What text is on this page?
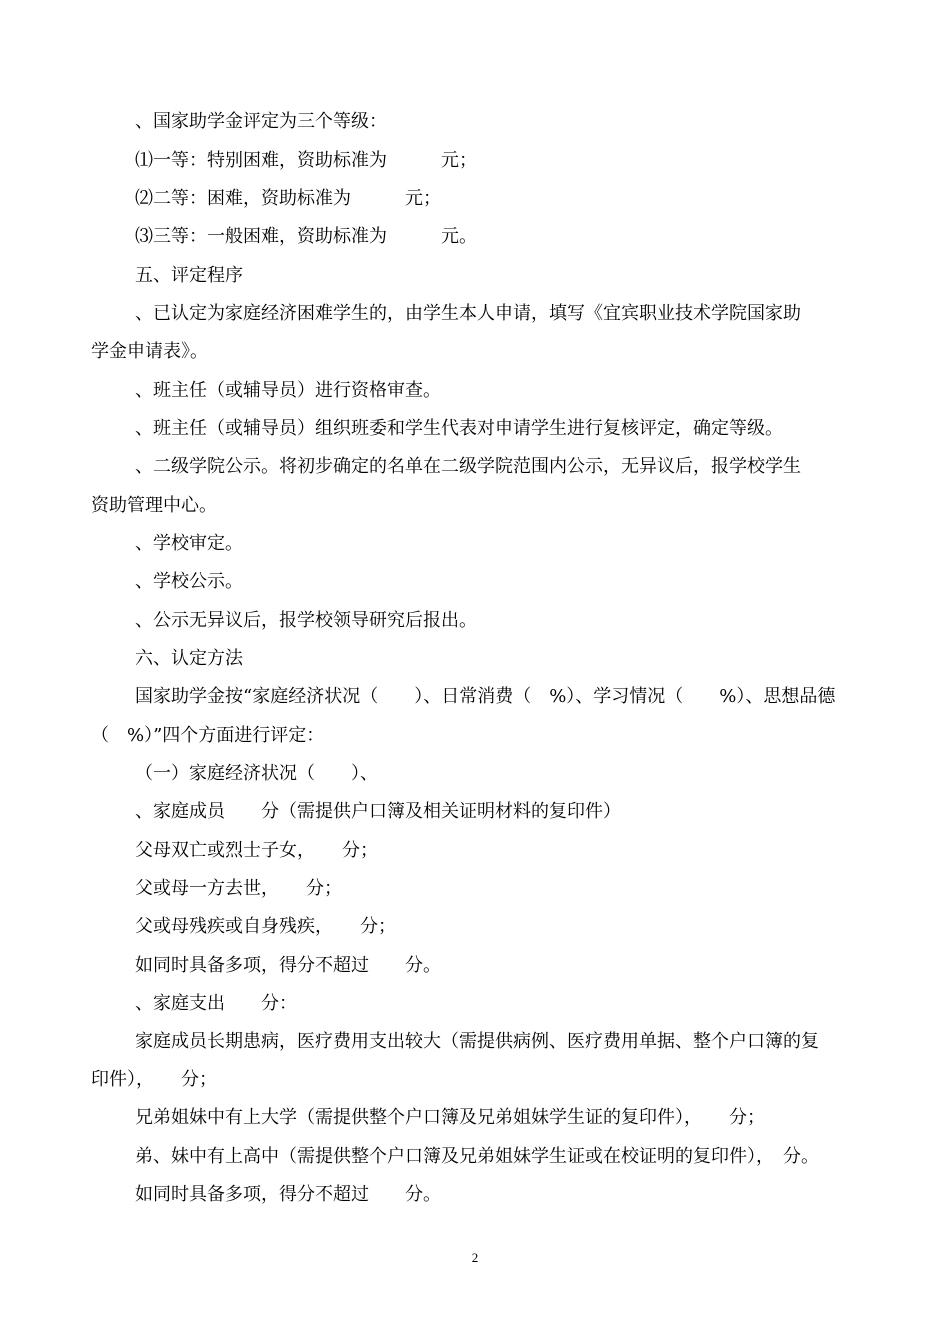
、国家助学金评定为三个等级：
⑴一等：特别困难，资助标准为　　　元；
⑵二等：困难，资助标准为　　　元；
⑶三等：一般困难，资助标准为　　　元。
五、评定程序
、已认定为家庭经济困难学生的，由学生本人申请，填写《宜宾职业技术学院国家助
学金申请表》。
、班主任（或辅导员）进行资格审查。
、班主任（或辅导员）组织班委和学生代表对申请学生进行复核评定，确定等级。
、二级学院公示。将初步确定的名单在二级学院范围内公示，无异议后，报学校学生
资助管理中心。
、学校审定。
、学校公示。
、公示无异议后，报学校领导研究后报出。
六、认定方法
国家助学金按“家庭经济状况（　　）、日常消费（　%）、学习情况（　　%）、思想品德
（　%）”四个方面进行评定：
（一）家庭经济状况（　　）、
、家庭成员　　分（需提供户口簿及相关证明材料的复印件）
父母双亡或烈士子女，　　分；
父或母一方去世，　　分；
父或母残疾或自身残疾，　　分；
如同时具备多项，得分不超过　　分。
、家庭支出　　分：
家庭成员长期患病，医疗费用支出较大（需提供病例、医疗费用单据、整个户口簿的复
印件），　　分；
兄弟姐妹中有上大学（需提供整个户口簿及兄弟姐妹学生证的复印件），　　分；
弟、妹中有上高中（需提供整个户口簿及兄弟姐妹学生证或在校证明的复印件），　分。
如同时具备多项，得分不超过　　分。
2
